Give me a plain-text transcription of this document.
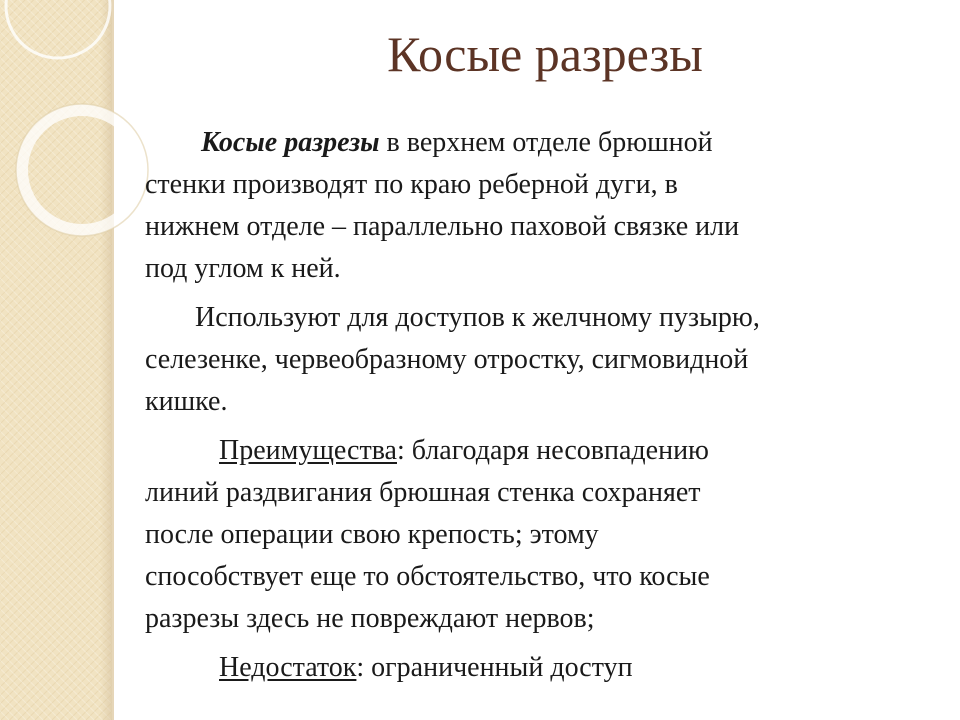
Косые разрезы

Косые разрезы в верхнем отделе брюшной
стенки производят по краю реберной дуги, в
нижнем отделе – параллельно паховой связке или
под углом к ней.

Используют для доступов к желчному пузырю,
селезенке, червеобразному отростку, сигмовидной
кишке.

Преимущества: благодаря несовпадению
линий раздвигания брюшная стенка сохраняет
после операции свою крепость; этому
способствует еще то обстоятельство, что косые
разрезы здесь не повреждают нервов;

Недостаток: ограниченный доступ
